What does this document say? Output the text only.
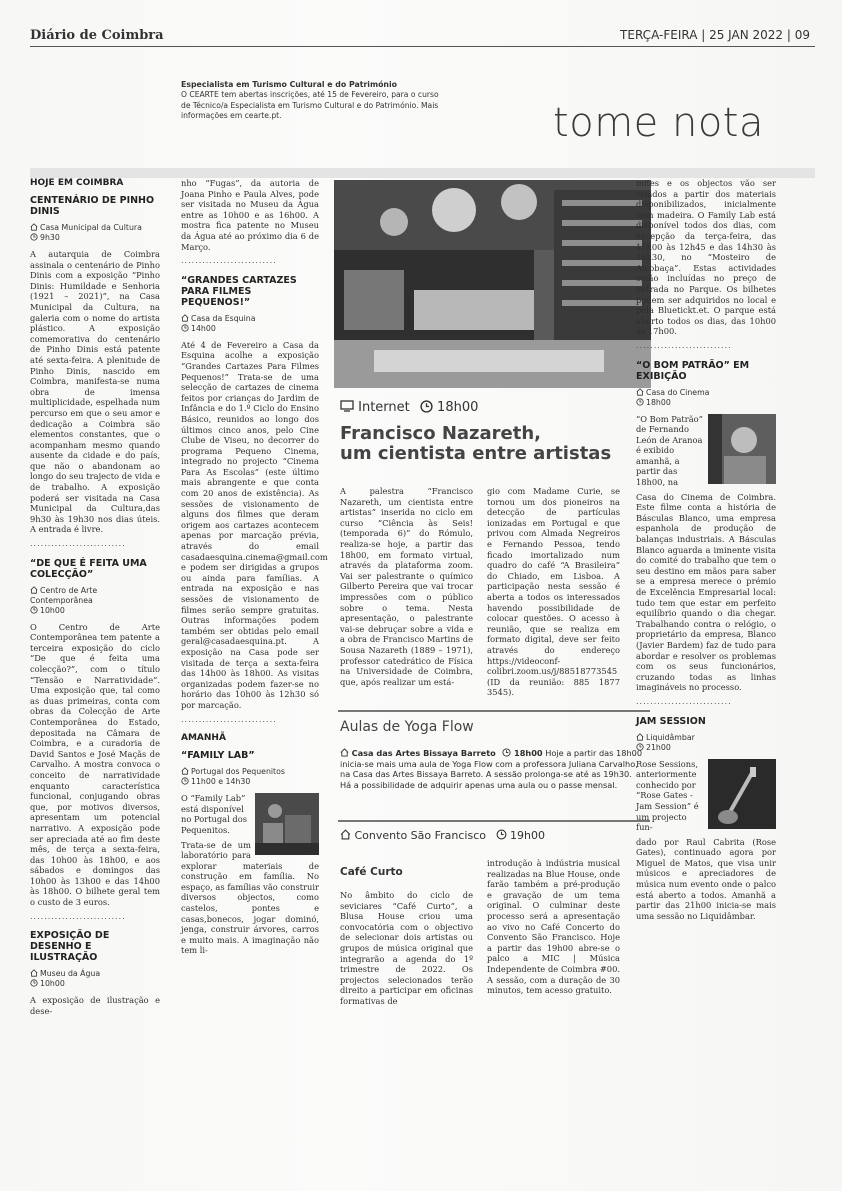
Diário de Coimbra	TERÇA-FEIRA | 25 JAN 2022 | 09
Especialista em Turismo Cultural e do Património
O CEARTE tem abertas inscrições, até 15 de Fevereiro, para o curso de Técnico/a Especialista em Turismo Cultural e do Património. Mais informações em cearte.pt.	tome nota
HOJE EM COIMBRA
CENTENÁRIO DE PINHO DINIS
Casa Municipal da Cultura
9h30

A autarquia de Coimbra assinala o centenário de Pinho Dinis com a exposição “Pinho Dinis: Humildade e Senhoria (1921 – 2021)”, na Casa Municipal da Cultura, na galeria com o nome do artista plástico. A exposição comemorativa do centenário de Pinho Dinis está patente até sexta-feira. A plenitude de Pinho Dinis, nascido em Coimbra, manifesta-se numa obra de imensa multiplicidade, espelhada num percurso em que o seu amor e dedicação a Coimbra são elementos constantes, que o acompanham mesmo quando ausente da cidade e do país, que não o abandonam ao longo do seu trajecto de vida e de trabalho. A exposição poderá ser visitada na Casa Municipal da Cultura,das 9h30 às 19h30 nos dias úteis. A entrada é livre.

...........................
“DE QUE É FEITA UMA COLECÇÃO”
Centro de Arte Contemporânea
10h00

O Centro de Arte Contemporânea tem patente a terceira exposição do ciclo “De que é feita uma colecção?”, com o título “Tensão e Narratividade”. Uma exposição que, tal como as duas primeiras, conta com obras da Colecção de Arte Contemporânea do Estado, depositada na Câmara de Coimbra, e a curadoria de David Santos e José Maçãs de Carvalho. A mostra convoca o conceito de narratividade enquanto característica funcional, conjugando obras que, por motivos diversos, apresentam um potencial narrativo. A exposição pode ser apreciada até ao fim deste mês, de terça a sexta-feira, das 10h00 às 18h00, e aos sábados e domingos das 10h00 às 13h00 e das 14h00 às 18h00. O bilhete geral tem o custo de 3 euros.

...........................
EXPOSIÇÃO DE DESENHO E ILUSTRAÇÃO
Museu da Água
10h00

A exposição de ilustração e dese-

nho “Fugas”, da autoria de Joana Pinho e Paula Alves, pode ser visitada no Museu da Água entre as 10h00 e as 16h00. A mostra fica patente no Museu da Água até ao próximo dia 6 de Março.

...........................
“GRANDES CARTAZES PARA FILMES PEQUENOS!”
Casa da Esquina
14h00

Até 4 de Fevereiro a Casa da Esquina acolhe a exposição “Grandes Cartazes Para Filmes Pequenos!” Trata-se de uma selecção de cartazes de cinema feitos por crianças do Jardim de Infância e do 1.º Ciclo do Ensino Básico, reunidos ao longo dos últimos cinco anos, pelo Cine Clube de Viseu, no decorrer do programa Pequeno Cinema, integrado no projecto “Cinema Para As Escolas” (este último mais abrangente e que conta com 20 anos de existência). As sessões de visionamento de alguns dos filmes que deram origem aos cartazes acontecem apenas por marcação prévia, através do email casadaesquina.cinema@gmail.com e podem ser dirigidas a grupos ou ainda para famílias. A entrada na exposição e nas sessões de visionamento de filmes serão sempre gratuitas. Outras informações podem também ser obtidas pelo email geral@casadaesquina.pt. A exposição na Casa pode ser visitada de terça a sexta-feira das 14h00 às 18h00. As visitas organizadas podem fazer-se no horário das 10h00 às 12h30 só por marcação.

...........................
AMANHÃ
“FAMILY LAB”
Portugal dos Pequenitos
11h00 e 14h30

O “Family Lab” está disponível no Portugal dos Pequenitos.

Trata-se de um laboratório para explorar materiais de construção em família. No espaço, as famílias vão construir diversos objectos, como castelos, pontes e casas,bonecos, jogar dominó, jenga, construir árvores, carros e muito mais. A imaginação não tem li-

Internet 18h00
Francisco Nazareth,
um cientista entre artistas

A palestra “Francisco Nazareth, um cientista entre artistas” inserida no ciclo em curso “Ciência às Seis! (temporada 6)” do Rómulo, realiza-se hoje, a partir das 18h00, em formato virtual, através da plataforma zoom. Vai ser palestrante o químico Gilberto Pereira que vai trocar impressões com o público sobre o tema. Nesta apresentação, o palestrante vai-se debruçar sobre a vida e a obra de Francisco Martins de Sousa Nazareth (1889 – 1971), professor catedrático de Física na Universidade de Coimbra, que, após realizar um está-

gio com Madame Curie, se tornou um dos pioneiros na detecção de partículas ionizadas em Portugal e que privou com Almada Negreiros e Fernando Pessoa, tendo ficado imortalizado num quadro do café “A Brasileira” do Chiado, em Lisboa. A participação nesta sessão é aberta a todos os interessados havendo possibilidade de colocar questões. O acesso à reunião, que se realiza em formato digital, deve ser feito através do endereço https://videoconf-colibri.zoom.us/j/88518773545 (ID da reunião: 885 1877 3545).

Aulas de Yoga Flow
Casa das Artes Bissaya Barreto 18h00 Hoje a partir das 18h00 inicia-se mais uma aula de Yoga Flow com a professora Juliana Carvalho, na Casa das Artes Bissaya Barreto. A sessão prolonga-se até as 19h30. Há a possibilidade de adquirir apenas uma aula ou o passe mensal.
Convento São Francisco 19h00
Café Curto

No âmbito do ciclo de seviciares “Café Curto”, a Blusa House criou uma convocatória com o objectivo de selecionar dois artistas ou grupos de música original que integrarão a agenda do 1º trimestre de 2022. Os projectos selecionados terão direito a participar em oficinas formativas de

introdução à indústria musical realizadas na Blue House, onde farão também a pré-produção e gravação de um tema original. O culminar deste processo será a apresentação ao vivo no Café Concerto do Convento São Francisco. Hoje a partir das 19h00 abre-se o palco a MIC | Música Independente de Coimbra #00. A sessão, com a duração de 30 minutos, tem acesso gratuito.

mites e os objectos vão ser criados a partir dos materiais disponibilizados, inicialmente com madeira. O Family Lab está disponível todos dos dias, com excepção da terça-feira, das 11h00 às 12h45 e das 14h30 às 16h30, no “Mosteiro de Alcobaça”. Estas actividades estão incluídas no preço de entrada no Parque. Os bilhetes podem ser adquiridos no local e pela Bluetickt.et. O parque está aberto todos os dias, das 10h00 às 17h00.

...........................
“O BOM PATRÃO” EM EXIBIÇÃO
Casa do Cinema
18h00

“O Bom Patrão” de Fernando León de Aranoa é exibido amanhã, a partir das 18h00, na

Casa do Cinema de Coimbra. Este filme conta a história de Básculas Blanco, uma empresa espanhola de produção de balanças industriais. A Básculas Blanco aguarda a iminente visita do comité do trabalho que tem o seu destino em mãos para saber se a empresa merece o prémio de Excelência Empresarial local: tudo tem que estar em perfeito equilíbrio quando o dia chegar. Trabalhando contra o relógio, o proprietário da empresa, Blanco (Javier Bardem) faz de tudo para abordar e resolver os problemas com os seus funcionários, cruzando todas as linhas imagináveis no processo.

...........................
JAM SESSION
Liquidâmbar
21h00

Rose Sessions, anteriormente conhecido por “Rose Gates - Jam Session” é um projecto fun-

dado por Raul Cabrita (Rose Gates), continuado agora por Miguel de Matos, que visa unir músicos e apreciadores de música num evento onde o palco está aberto a todos. Amanhã a partir das 21h00 inicia-se mais uma sessão no Liquidâmbar.
